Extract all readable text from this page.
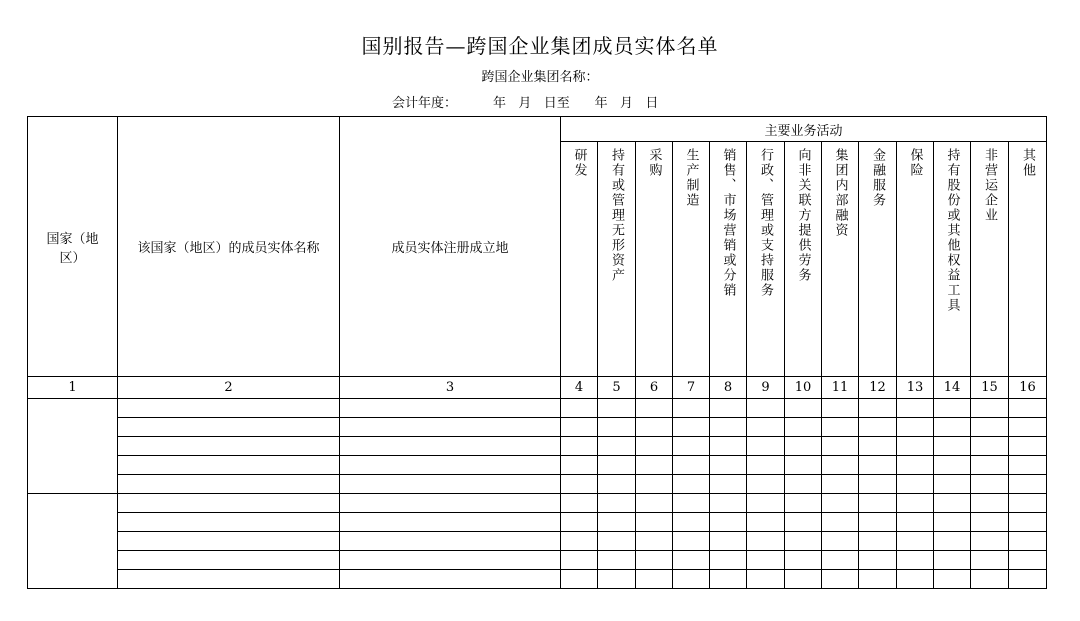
国别报告—跨国企业集团成员实体名单
跨国企业集团名称：
会计年度：	年   月   日至      年   月   日
国家（地区）	该国家（地区）的成员实体名称	成员实体注册成立地	主要业务活动												
			研发	持有或管理无形资产	采购	生产制造	销售、市场营销或分销	行政、管理或支持服务	向非关联方提供劳务	集团内部融资	金融服务	保险	持有股份或其他权益工具	非营运企业	其他
1	2	3	4	5	6	7	8	9	10	11	12	13	14	15	16
